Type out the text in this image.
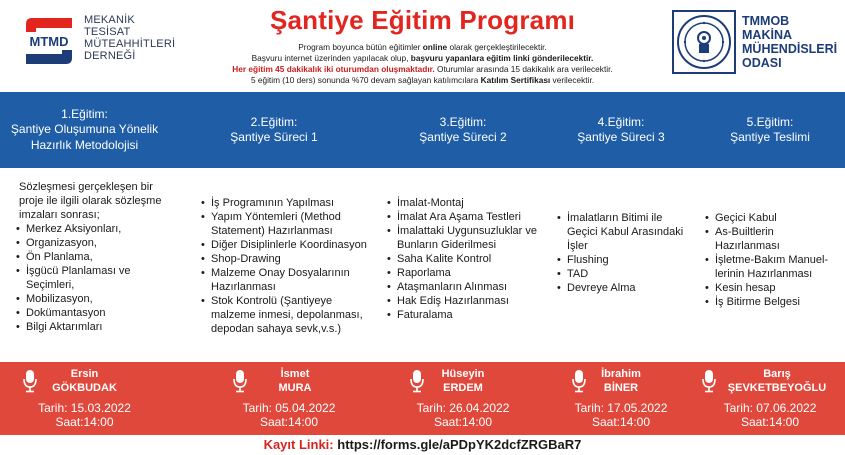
MTMD
MEKANİK
TESİSAT
MÜTEAHHİTLERİ
DERNEĞİ
Şantiye Eğitim Programı
Program boyunca bütün eğitimler online olarak gerçekleştirilecektir.
Başvuru internet üzerinden yapılacak olup, başvuru yapanlara eğitim linki gönderilecektir.
Her eğitim 45 dakikalık iki oturumdan oluşmaktadır. Oturumlar arasında 15 dakikalık ara verilecektir.
5 eğitim (10 ders) sonunda %70 devam sağlayan katılımcılara Katılım Sertifikası verilecektir.
TMMOB
MAKİNA
MÜHENDİSLERİ
ODASI
1.Eğitim:
Şantiye Oluşumuna Yönelik
Hazırlık Metodolojisi
Sözleşmesi gerçekleşen bir proje ile ilgili olarak sözleşme imzaları sonrası;
• Merkez Aksiyonları,
• Organizasyon,
• Ön Planlama,
• İşgücü Planlaması ve Seçimleri,
• Mobilizasyon,
• Dokümantasyon
• Bilgi Aktarımları
Ersin
GÖKBUDAK
Tarih: 15.03.2022
Saat:14:00
2.Eğitim:
Şantiye Süreci 1
• İş Programının Yapılması
• Yapım Yöntemleri (Method Statement) Hazırlanması
• Diğer Disiplinlerle Koordinasyon
• Shop-Drawing
• Malzeme Onay Dosyalarının Hazırlanması
• Stok Kontrolü (Şantiyeye malzeme inmesi, depolanması, depodan sahaya sevk,v.s.)
İsmet
MURA
Tarih: 05.04.2022
Saat:14:00
3.Eğitim:
Şantiye Süreci 2
• İmalat-Montaj
• İmalat Ara Aşama Testleri
• İmalattaki Uygunsuzluklar ve Bunların Giderilmesi
• Saha Kalite Kontrol
• Raporlama
• Ataşmanların Alınması
• Hak Ediş Hazırlanması
• Faturalama
Hüseyin
ERDEM
Tarih: 26.04.2022
Saat:14:00
4.Eğitim:
Şantiye Süreci 3
• İmalatların Bitimi ile Geçici Kabul Arasındaki İşler
• Flushing
• TAD
• Devreye Alma
İbrahim
BİNER
Tarih: 17.05.2022
Saat:14:00
5.Eğitim:
Şantiye Teslimi
• Geçici Kabul
• As-Builtlerin Hazırlanması
• İşletme-Bakım Manuel-lerinin Hazırlanması
• Kesin hesap
• İş Bitirme Belgesi
Barış
ŞEVKETBEYOĞLU
Tarih: 07.06.2022
Saat:14:00
Kayıt Linki: https://forms.gle/aPDpYK2dcfZRGBaR7
